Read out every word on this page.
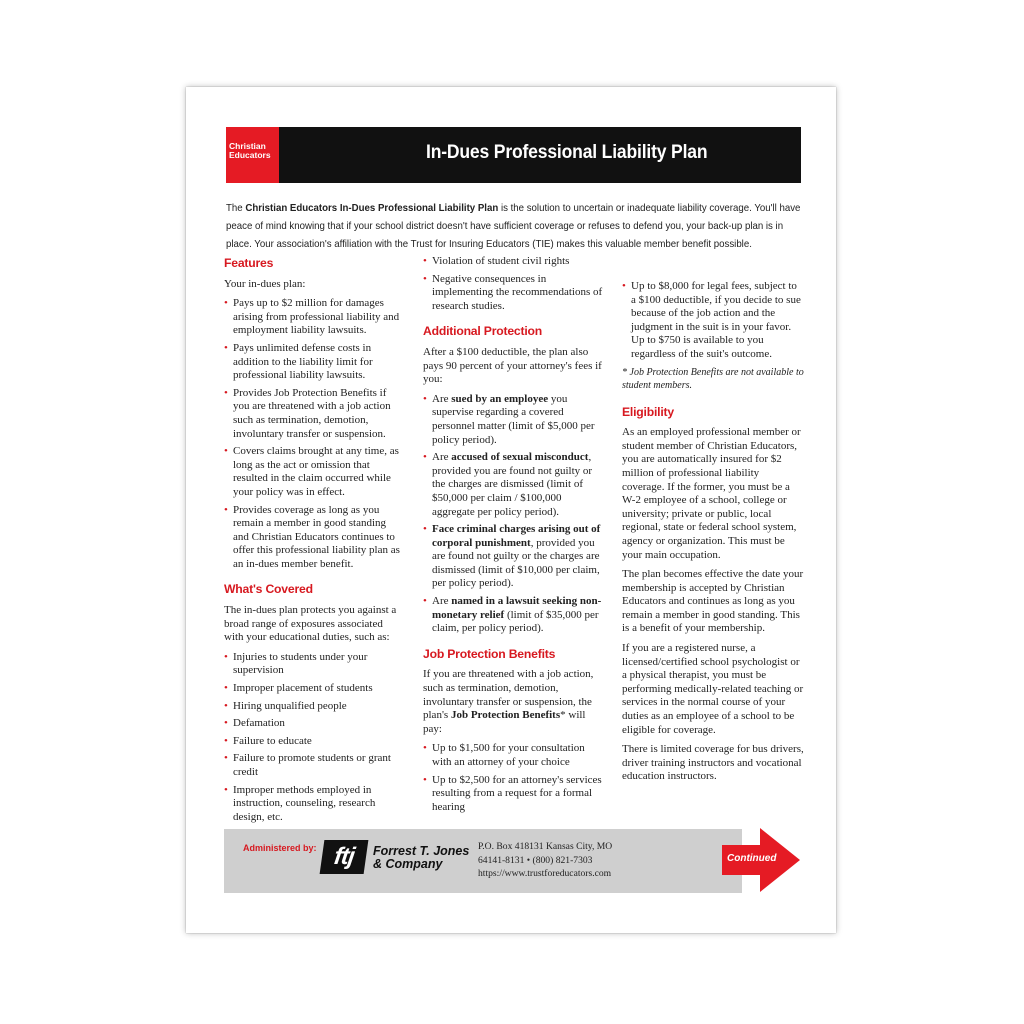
Christian
Educators	In-Dues Professional Liability Plan
The Christian Educators In-Dues Professional Liability Plan is the solution to uncertain or inadequate liability coverage. You'll have peace of mind knowing that if your school district doesn't have sufficient coverage or refuses to defend you, your back-up plan is in place. Your association's affiliation with the Trust for Insuring Educators (TIE) makes this valuable member benefit possible.
Features

Your in-dues plan:

• Pays up to $2 million for damages arising from professional liability and employment liability lawsuits.
• Pays unlimited defense costs in addition to the liability limit for professional liability lawsuits.
• Provides Job Protection Benefits if you are threatened with a job action such as termination, demotion, involuntary transfer or suspension.
• Covers claims brought at any time, as long as the act or omission that resulted in the claim occurred while your policy was in effect.
• Provides coverage as long as you remain a member in good standing and Christian Educators continues to offer this professional liability plan as an in-dues member benefit.
What's Covered

The in-dues plan protects you against a broad range of exposures associated with your educational duties, such as:

• Injuries to students under your supervision
• Improper placement of students
• Hiring unqualified people
• Defamation
• Failure to educate
• Failure to promote students or grant credit
• Improper methods employed in instruction, counseling, research design, etc.
• Violation of student civil rights
• Negative consequences in implementing the recommendations of research studies.
Additional Protection

After a $100 deductible, the plan also pays 90 percent of your attorney's fees if you:

• Are sued by an employee you supervise regarding a covered personnel matter (limit of $5,000 per policy period).
• Are accused of sexual misconduct, provided you are found not guilty or the charges are dismissed (limit of $50,000 per claim / $100,000 aggregate per policy period).
• Face criminal charges arising out of corporal punishment, provided you are found not guilty or the charges are dismissed (limit of $10,000 per claim, per policy period).
• Are named in a lawsuit seeking non-monetary relief (limit of $35,000 per claim, per policy period).
Job Protection Benefits

If you are threatened with a job action, such as termination, demotion, involuntary transfer or suspension, the plan's Job Protection Benefits* will pay:

• Up to $1,500 for your consultation with an attorney of your choice
• Up to $2,500 for an attorney's services resulting from a request for a formal hearing
• Up to $8,000 for legal fees, subject to a $100 deductible, if you decide to sue because of the job action and the judgment in the suit is in your favor.
Up to $750 is available to you regardless of the suit's outcome.
* Job Protection Benefits are not available to student members.
Eligibility

As an employed professional member or student member of Christian Educators, you are automatically insured for $2 million of professional liability coverage. If the former, you must be a W-2 employee of a school, college or university; private or public, local regional, state or federal school system, agency or organization. This must be your main occupation.

The plan becomes effective the date your membership is accepted by Christian Educators and continues as long as you remain a member in good standing. This is a benefit of your membership.

If you are a registered nurse, a licensed/certified school psychologist or a physical therapist, you must be performing medically-related teaching or services in the normal course of your duties as an employee of a school to be eligible for coverage.

There is limited coverage for bus drivers, driver training instructors and vocational education instructors.

Administered by: ftj	Forrest T. Jones
& Company
P.O. Box 418131 Kansas City, MO
64141-8131 • (800) 821-7303
https://www.trustforeducators.com
Continued
